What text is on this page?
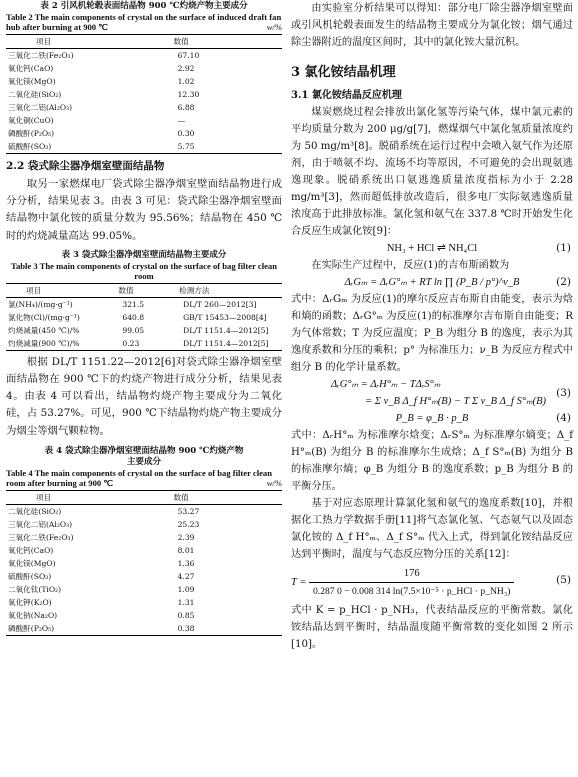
表 2 引风机轮毂表面结晶物 900 ℃灼烧产物主要成分

Table 2 The main components of crystal on the surface of induced draft fan hub after burning at 900 ℃	w/%

项目	数值
三氧化二铁(Fe₂O₃)	67.10
氧化钙(CaO)	2.92
氧化镁(MgO)	1.02
二氧化硅(SiO₂)	12.30
三氧化二铝(Al₂O₃)	6.88
氧化铜(CuO)	—
磷酸酐(P₂O₅)	0.30
硫酸酐(SO₃)	5.75
2.2 袋式除尘器净烟室壁面结晶物

取另一家燃煤电厂袋式除尘器净烟室壁面结晶物进行成分分析，结果见表 3。由表 3 可见：袋式除尘器净烟室壁面结晶物中氯化铵的质量分数为 95.56%；结晶物在 450 ℃时的灼烧减量高达 99.05%。

表 3 袋式除尘器净烟室壁面结晶物主要成分

Table 3 The main components of crystal on the surface of bag filter clean room

项目	数值	检测方法
氯(NH₄)/(mg·g⁻¹)	321.5	DL/T 260—2012[3]
氯化物(Cl)/(mg·g⁻¹)	640.8	GB/T 15453—2008[4]
灼烧减量(450 ℃)/%	99.05	DL/T 1151.4—2012[5]
灼烧减量(900 ℃)/%	0.23	DL/T 1151.4—2012[5]

根据 DL/T 1151.22—2012[6]对袋式除尘器净烟室壁面结晶物在 900 ℃下的灼烧产物进行成分分析，结果见表 4。由表 4 可以看出，结晶物灼烧产物主要成分为二氧化硅，占 53.27%。可见，900 ℃下结晶物灼烧产物主要成分为烟尘等烟气颗粒物。

表 4 袋式除尘器净烟室壁面结晶物 900 ℃灼烧产物

主要成分

Table 4 The main components of crystal on the surface of bag filter clean room after burning at 900 ℃	w/%

项目	数值
二氧化硅(SiO₂)	53.27
三氧化二铝(Al₂O₃)	25.23
三氧化二铁(Fe₂O₃)	2.39
氧化钙(CaO)	8.01
氧化镁(MgO)	1.36
硫酸酐(SO₃)	4.27
二氧化钛(TiO₂)	1.09
氧化钾(K₂O)	1.31
氧化钠(Na₂O)	0.85
磷酸酐(P₂O₅)	0.38

由实验室分析结果可以得知：部分电厂除尘器净烟室壁面或引风机轮毂表面发生的结晶物主要成分为氯化铵；烟气通过除尘器附近的温度区间时，其中的氯化铵大量沉积。

3 氯化铵结晶机理
3.1 氯化铵结晶反应机理

煤炭燃烧过程会排放出氯化氢等污染气体，煤中氯元素的平均质量分数为 200 μg/g[7]，燃煤烟气中氯化氢质量浓度约为 50 mg/m³[8]。脱硝系统在运行过程中会喷入氨气作为还原剂，由于喷氨不均、流场不均等原因，不可避免的会出现氨逃逸现象。脱硝系统出口氨逃逸质量浓度指标为小于 2.28 mg/m³[3]，然而超低排放改造后，很多电厂实际氨逃逸质量浓度高于此排放标准。氯化氢和氨气在 337.8 ℃时开始发生化合反应生成氯化铵[9]：

NH₃ + HCl ⇌ NH₄Cl	(1)

在实际生产过程中，反应(1)的吉布斯函数为

ΔᵣGₘ = ΔᵣG°ₘ + RT ln ∏ (P_B / p°)^ν_B	(2)

式中：ΔᵣGₘ 为反应(1)的摩尔反应吉布斯自由能变，表示为焓和熵的函数；ΔᵣG°ₘ 为反应(1)的标准摩尔吉布斯自由能变；R 为气体常数；T 为反应温度；P_B 为组分 B 的逸度，表示为其逸度系数和分压的乘积；p° 为标准压力；ν_B 为反应方程式中组分 B 的化学计量系数。

ΔᵣG°ₘ = ΔᵣH°ₘ − TΔᵣS°ₘ
= Σ ν_B Δ_f H°ₘ(B) − T Σ ν_B Δ_f S°ₘ(B)
(3)
P_B = φ_B · p_B	(4)

式中：ΔᵣH°ₘ 为标准摩尔焓变；ΔᵣS°ₘ 为标准摩尔熵变；Δ_f H°ₘ(B) 为组分 B 的标准摩尔生成焓；Δ_f S°ₘ(B) 为组分 B 的标准摩尔熵；φ_B 为组分 B 的逸度系数；p_B 为组分 B 的平衡分压。

基于对应态原理计算氯化氢和氨气的逸度系数[10]，并根据化工热力学数据手册[11]将气态氯化氢、气态氨气以及固态氯化铵的 Δ_f H°ₘ、Δ_f S°ₘ 代入上式，得到氯化铵结晶反应达到平衡时，温度与气态反应物分压的关系[12]：

$T = \frac{176}{\text{0.287 0 − 0.008 314 ln(7.5×10⁻⁵ · p\_HCl · p\_NH₃)}}$	(5)

式中 K = p_HCl · p_NH₃，代表结晶反应的平衡常数。氯化铵结晶达到平衡时，结晶温度随平衡常数的变化如图 2 所示[10]。
